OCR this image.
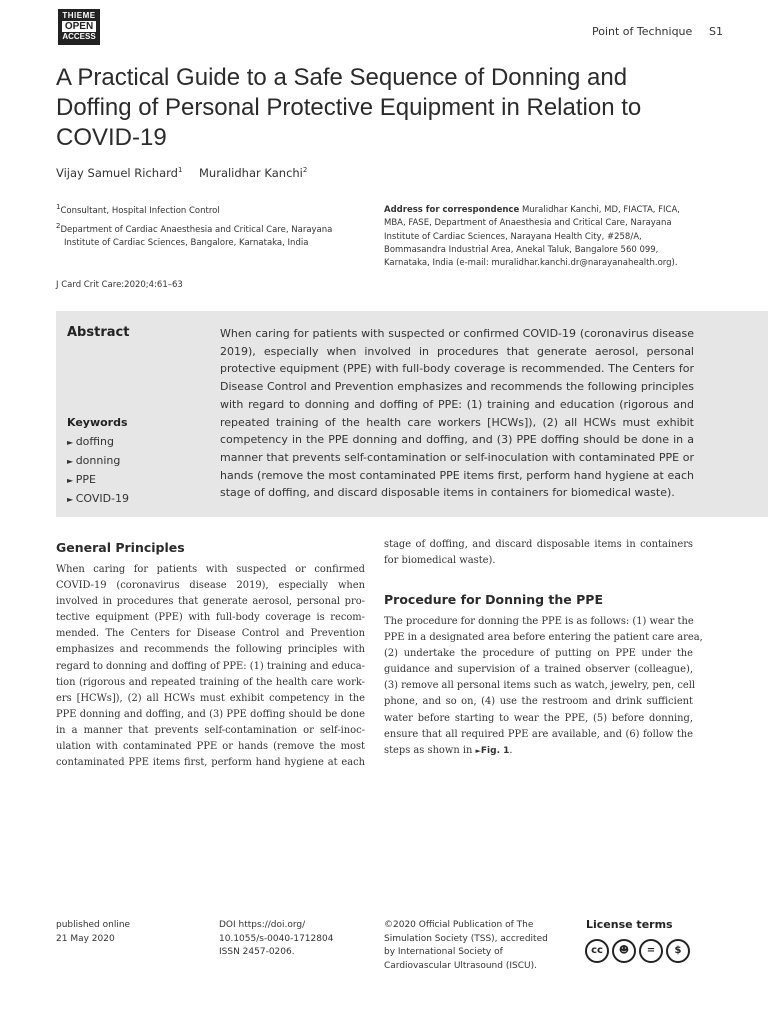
THIEME
OPEN
ACCESS	Point of Technique S1
A Practical Guide to a Safe Sequence of Donning and Doffing of Personal Protective Equipment in Relation to COVID-19
Vijay Samuel Richard$^1$ Muralidhar Kanchi$^2$
$^1$Consultant, Hospital Infection Control
$^2$Department of Cardiac Anaesthesia and Critical Care, Narayana
Institute of Cardiac Sciences, Bangalore, Karnataka, India
Address for correspondence Muralidhar Kanchi, MD, FIACTA, FICA,
MBA, FASE, Department of Anaesthesia and Critical Care, Narayana
Institute of Cardiac Sciences, Narayana Health City, #258/A,
Bommasandra Industrial Area, Anekal Taluk, Bangalore 560 099,
Karnataka, India (e-mail: muralidhar.kanchi.dr@narayanahealth.org).
J Card Crit Care:2020;4:61–63
Abstract	When caring for patients with suspected or confirmed COVID-19 (coronavirus disease 2019), especially when involved in procedures that generate aerosol, personal protective equipment (PPE) with full-body coverage is recommended. The Centers for Disease Control and Prevention emphasizes and recommends the following principles with regard to donning and doffing of PPE: (1) training and education (rigorous and repeated training of the health care workers [HCWs]), (2) all HCWs must exhibit competency in the PPE donning and doffing, and (3) PPE doffing should be done in a manner that prevents self-contamination or self-inoculation with contaminated PPE or hands (remove the most contaminated PPE items first, perform hand hygiene at each stage of doffing, and discard disposable items in containers for biomedical waste).
Keywords
► doffing
► donning
► PPE
► COVID-19
General Principles
When caring for patients with suspected or confirmed
COVID-19 (coronavirus disease 2019), especially when
involved in procedures that generate aerosol, personal pro-
tective equipment (PPE) with full-body coverage is recom-
mended. The Centers for Disease Control and Prevention
emphasizes and recommends the following principles with
regard to donning and doffing of PPE: (1) training and educa-
tion (rigorous and repeated training of the health care work-
ers [HCWs]), (2) all HCWs must exhibit competency in the
PPE donning and doffing, and (3) PPE doffing should be done
in a manner that prevents self-contamination or self-inoc-
ulation with contaminated PPE or hands (remove the most
contaminated PPE items first, perform hand hygiene at each
stage of doffing, and discard disposable items in containers
for biomedical waste).
Procedure for Donning the PPE
The procedure for donning the PPE is as follows: (1) wear the
PPE in a designated area before entering the patient care area,
(2) undertake the procedure of putting on PPE under the
guidance and supervision of a trained observer (colleague),
(3) remove all personal items such as watch, jewelry, pen, cell
phone, and so on, (4) use the restroom and drink sufficient
water before starting to wear the PPE, (5) before donning,
ensure that all required PPE are available, and (6) follow the
steps as shown in ►Fig. 1.
published online
21 May 2020
DOI https://doi.org/
10.1055/s-0040-1712804
ISSN 2457-0206.
©2020 Official Publication of The
Simulation Society (TSS), accredited
by International Society of
Cardiovascular Ultrasound (ISCU).
License terms
cc ☻ = $
